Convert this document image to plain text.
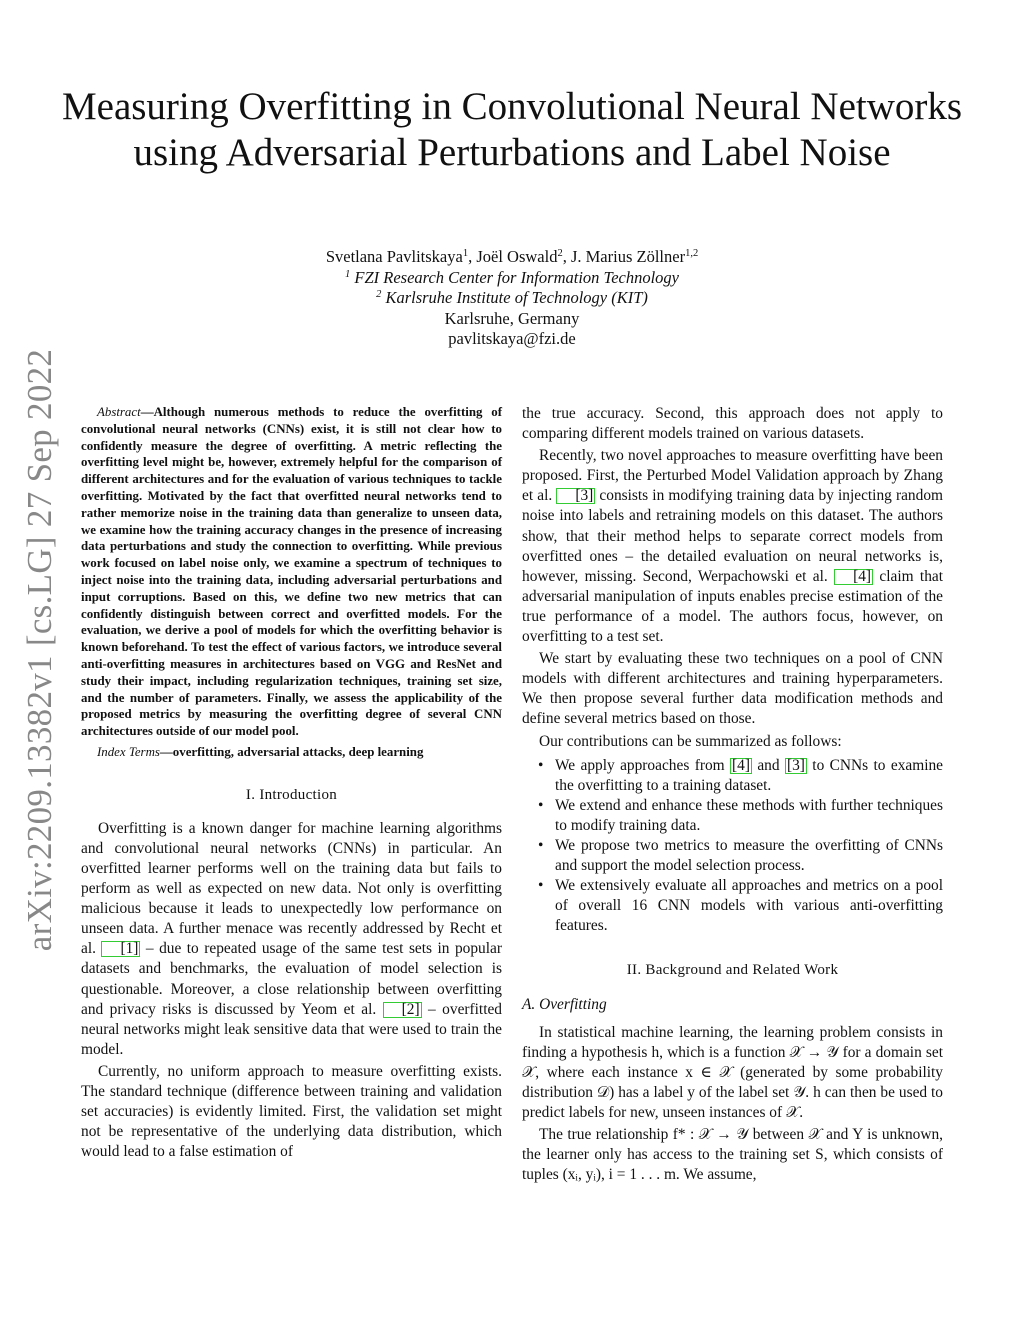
arXiv:2209.13382v1 [cs.LG] 27 Sep 2022
Measuring Overfitting in Convolutional Neural Networks using Adversarial Perturbations and Label Noise
Svetlana Pavlitskaya$^1$, Joël Oswald$^2$, J. Marius Zöllner$^{1,2}$
$^1$ FZI Research Center for Information Technology
$^2$ Karlsruhe Institute of Technology (KIT)
Karlsruhe, Germany
pavlitskaya@fzi.de

Abstract—Although numerous methods to reduce the overfitting of convolutional neural networks (CNNs) exist, it is still not clear how to confidently measure the degree of overfitting. A metric reflecting the overfitting level might be, however, extremely helpful for the comparison of different architectures and for the evaluation of various techniques to tackle overfitting. Motivated by the fact that overfitted neural networks tend to rather memorize noise in the training data than generalize to unseen data, we examine how the training accuracy changes in the presence of increasing data perturbations and study the connection to overfitting. While previous work focused on label noise only, we examine a spectrum of techniques to inject noise into the training data, including adversarial perturbations and input corruptions. Based on this, we define two new metrics that can confidently distinguish between correct and overfitted models. For the evaluation, we derive a pool of models for which the overfitting behavior is known beforehand. To test the effect of various factors, we introduce several anti-overfitting measures in architectures based on VGG and ResNet and study their impact, including regularization techniques, training set size, and the number of parameters. Finally, we assess the applicability of the proposed metrics by measuring the overfitting degree of several CNN architectures outside of our model pool.

Index Terms—overfitting, adversarial attacks, deep learning

I. Introduction

Overfitting is a known danger for machine learning algorithms and convolutional neural networks (CNNs) in particular. An overfitted learner performs well on the training data but fails to perform as well as expected on new data. Not only is overfitting malicious because it leads to unexpectedly low performance on unseen data. A further menace was recently addressed by Recht et al. [1] – due to repeated usage of the same test sets in popular datasets and benchmarks, the evaluation of model selection is questionable. Moreover, a close relationship between overfitting and privacy risks is discussed by Yeom et al. [2] – overfitted neural networks might leak sensitive data that were used to train the model.

Currently, no uniform approach to measure overfitting exists. The standard technique (difference between training and validation set accuracies) is evidently limited. First, the validation set might not be representative of the underlying data distribution, which would lead to a false estimation of

the true accuracy. Second, this approach does not apply to comparing different models trained on various datasets.

Recently, two novel approaches to measure overfitting have been proposed. First, the Perturbed Model Validation approach by Zhang et al. [3] consists in modifying training data by injecting random noise into labels and retraining models on this dataset. The authors show, that their method helps to separate correct models from overfitted ones – the detailed evaluation on neural networks is, however, missing. Second, Werpachowski et al. [4] claim that adversarial manipulation of inputs enables precise estimation of the true performance of a model. The authors focus, however, on overfitting to a test set.

We start by evaluating these two techniques on a pool of CNN models with different architectures and training hyperparameters. We then propose several further data modification methods and define several metrics based on those.

Our contributions can be summarized as follows:

• We apply approaches from [4] and [3] to CNNs to examine the overfitting to a training dataset.
• We extend and enhance these methods with further techniques to modify training data.
• We propose two metrics to measure the overfitting of CNNs and support the model selection process.
• We extensively evaluate all approaches and metrics on a pool of overall 16 CNN models with various anti-overfitting features.
II. Background and Related Work
A. Overfitting

In statistical machine learning, the learning problem consists in finding a hypothesis h, which is a function 𝒳 → 𝒴 for a domain set 𝒳, where each instance x ∈ 𝒳 (generated by some probability distribution 𝒟) has a label y of the label set 𝒴. h can then be used to predict labels for new, unseen instances of 𝒳.

The true relationship f* : 𝒳 → 𝒴 between 𝒳 and Y is unknown, the learner only has access to the training set S, which consists of tuples (xᵢ, yᵢ), i = 1 . . . m. We assume,
